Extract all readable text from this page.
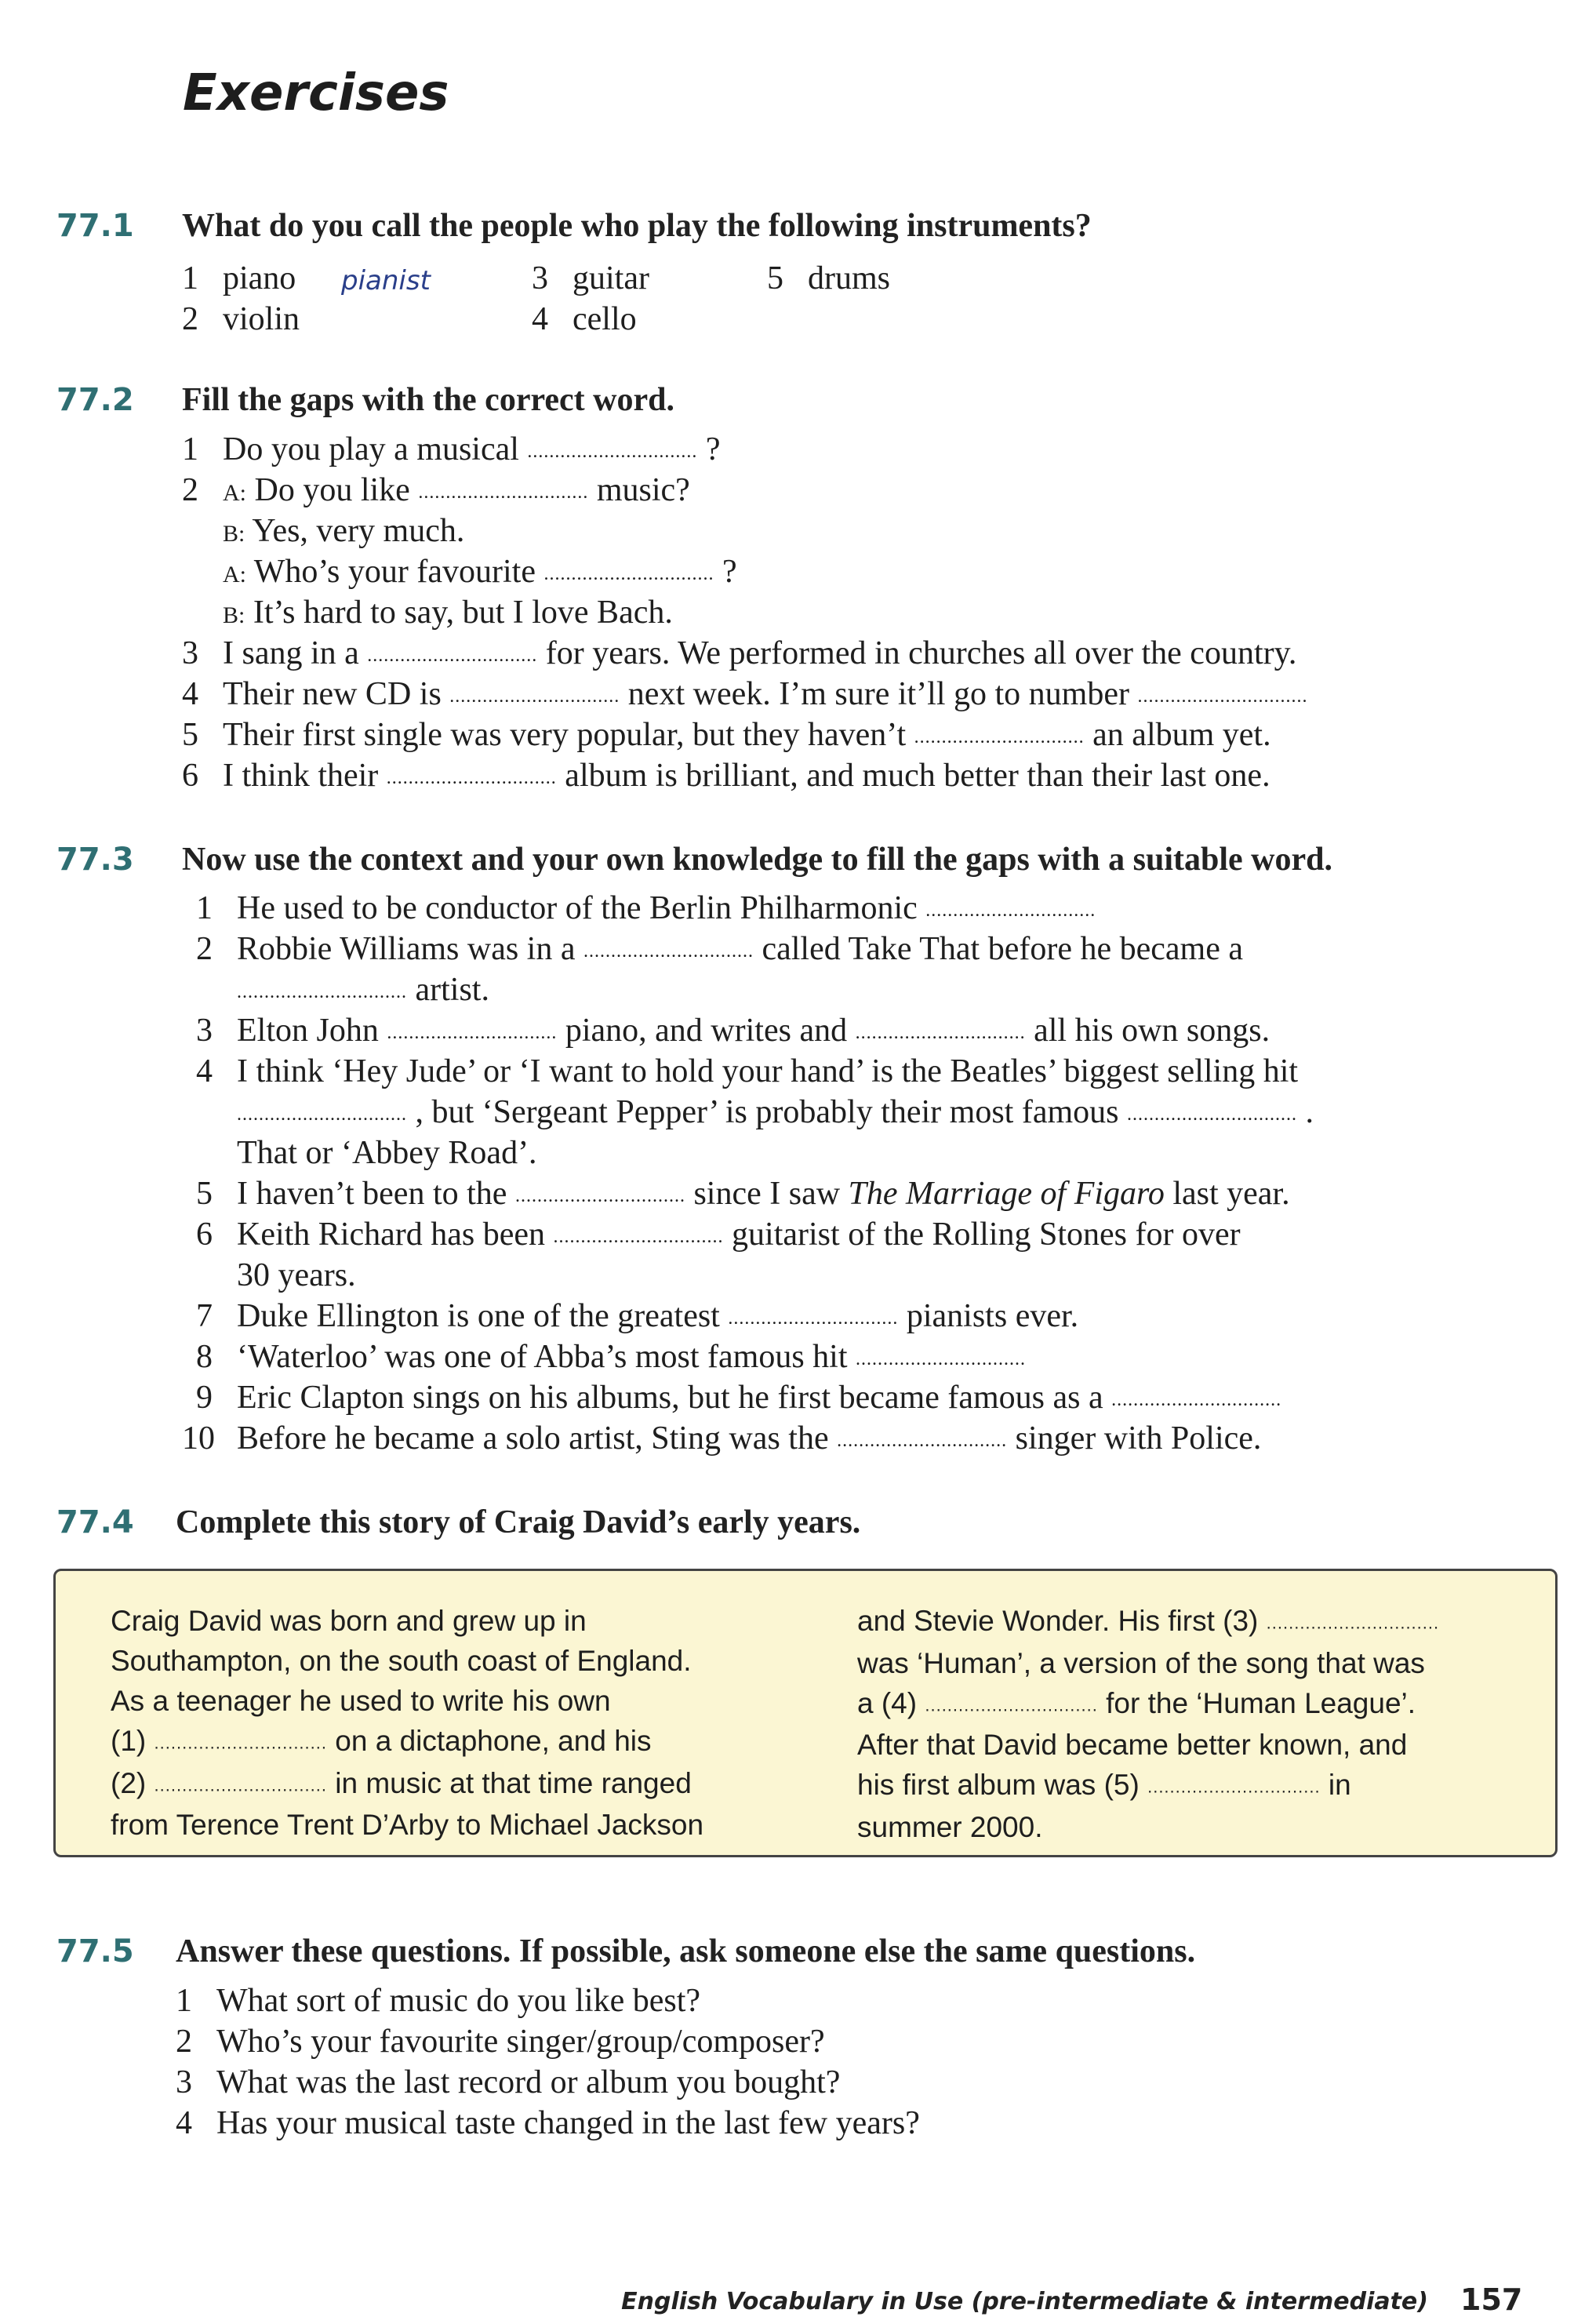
Exercises
77.1 What do you call the people who play the following instruments?
1 piano pianist
2 violin
3 guitar
4 cello
5 drums
77.2 Fill the gaps with the correct word.
1 Do you play a musical ............................... ?
2 A: Do you like ............................... music?
B: Yes, very much.
A: Who’s your favourite ............................... ?
B: It’s hard to say, but I love Bach.
3 I sang in a ............................... for years. We performed in churches all over the country.
4 Their new CD is ............................... next week. I’m sure it’ll go to number ...............................
5 Their first single was very popular, but they haven’t ............................... an album yet.
6 I think their ............................... album is brilliant, and much better than their last one.
77.3 Now use the context and your own knowledge to fill the gaps with a suitable word.
1 He used to be conductor of the Berlin Philharmonic ...............................
2 Robbie Williams was in a ............................... called Take That before he became a
............................... artist.
3 Elton John ............................... piano, and writes and ............................... all his own songs.
4 I think ‘Hey Jude’ or ‘I want to hold your hand’ is the Beatles’ biggest selling hit
............................... , but ‘Sergeant Pepper’ is probably their most famous ............................... .
That or ‘Abbey Road’.
5 I haven’t been to the ............................... since I saw The Marriage of Figaro last year.
6 Keith Richard has been ............................... guitarist of the Rolling Stones for over
30 years.
7 Duke Ellington is one of the greatest ............................... pianists ever.
8 ‘Waterloo’ was one of Abba’s most famous hit ...............................
9 Eric Clapton sings on his albums, but he first became famous as a ...............................
10 Before he became a solo artist, Sting was the ............................... singer with Police.
77.4 Complete this story of Craig David’s early years.
Craig David was born and grew up in
Southampton, on the south coast of England.
As a teenager he used to write his own
(1) ............................... on a dictaphone, and his
(2) ............................... in music at that time ranged
from Terence Trent D’Arby to Michael Jackson
and Stevie Wonder. His first (3) ...............................
was ‘Human’, a version of the song that was
a (4) ............................... for the ‘Human League’.
After that David became better known, and
his first album was (5) ............................... in
summer 2000.
77.5 Answer these questions. If possible, ask someone else the same questions.
1 What sort of music do you like best?
2 Who’s your favourite singer/group/composer?
3 What was the last record or album you bought?
4 Has your musical taste changed in the last few years?
English Vocabulary in Use (pre-intermediate & intermediate) 157
